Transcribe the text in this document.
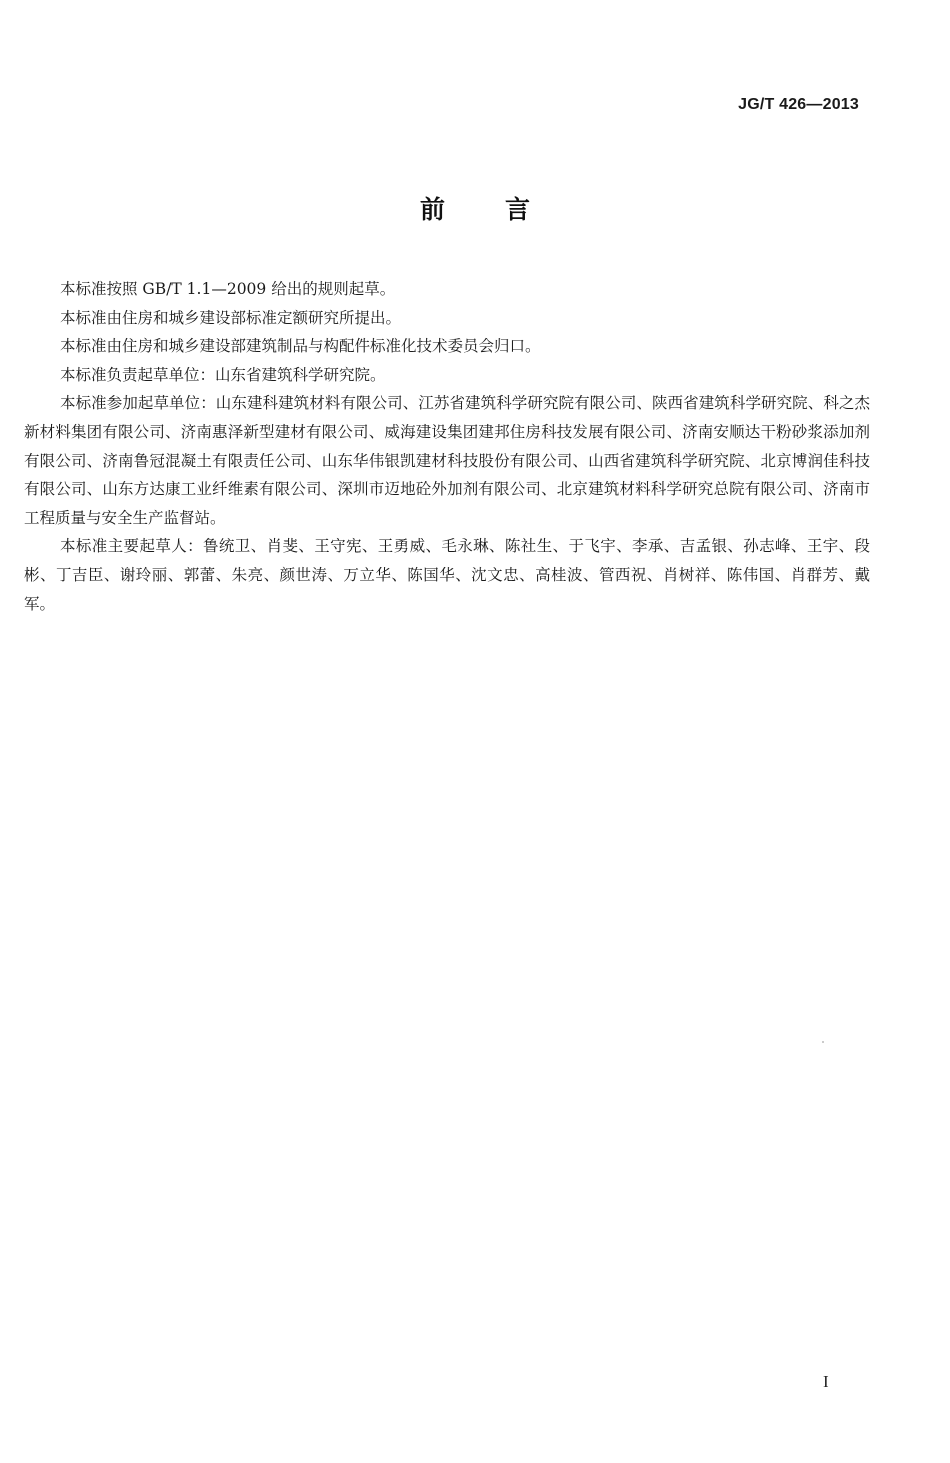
JG/T 426—2013
前言

本标准按照 GB/T 1.1—2009 给出的规则起草。

本标准由住房和城乡建设部标准定额研究所提出。

本标准由住房和城乡建设部建筑制品与构配件标准化技术委员会归口。

本标准负责起草单位：山东省建筑科学研究院。

本标准参加起草单位：山东建科建筑材料有限公司、江苏省建筑科学研究院有限公司、陕西省建筑科学研究院、科之杰新材料集团有限公司、济南惠泽新型建材有限公司、威海建设集团建邦住房科技发展有限公司、济南安顺达干粉砂浆添加剂有限公司、济南鲁冠混凝土有限责任公司、山东华伟银凯建材科技股份有限公司、山西省建筑科学研究院、北京博润佳科技有限公司、山东方达康工业纤维素有限公司、深圳市迈地砼外加剂有限公司、北京建筑材料科学研究总院有限公司、济南市工程质量与安全生产监督站。

本标准主要起草人：鲁统卫、肖斐、王守宪、王勇威、毛永琳、陈社生、于飞宇、李承、吉孟银、孙志峰、王宇、段彬、丁吉臣、谢玲丽、郭蕾、朱亮、颜世涛、万立华、陈国华、沈文忠、高桂波、管西祝、肖树祥、陈伟国、肖群芳、戴军。

I
